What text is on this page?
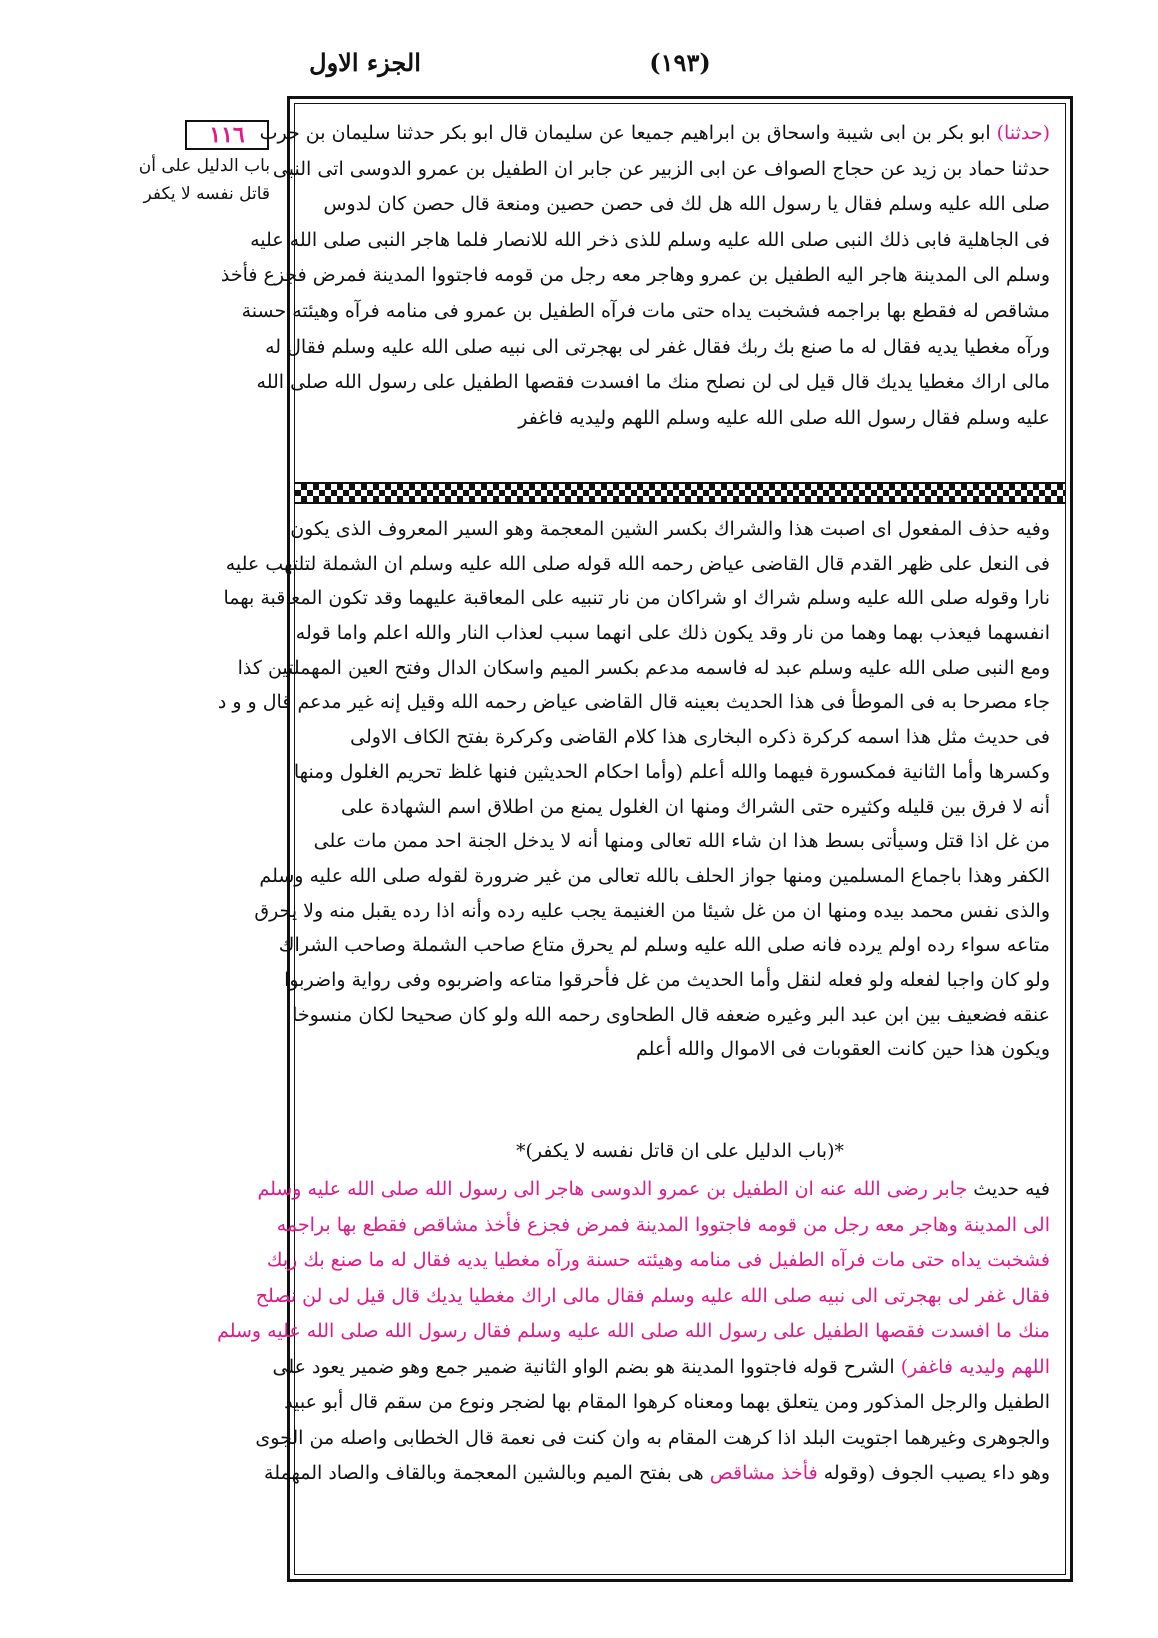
الجزء الاول	(١٩٣)
١١٦
باب الدليل على أن قاتل نفسه لا يكفر
(حدثنا) ابو بكر بن ابى شيبة واسحاق بن ابراهيم جميعا عن سليمان قال ابو بكر حدثنا سليمان بن حرب
حدثنا حماد بن زيد عن حجاج الصواف عن ابى الزبير عن جابر ان الطفيل بن عمرو الدوسى اتى النبى
صلى الله عليه وسلم فقال يا رسول الله هل لك فى حصن حصين ومنعة قال حصن كان لدوس
فى الجاهلية فابى ذلك النبى صلى الله عليه وسلم للذى ذخر الله للانصار فلما هاجر النبى صلى الله عليه
وسلم الى المدينة هاجر اليه الطفيل بن عمرو وهاجر معه رجل من قومه فاجتووا المدينة فمرض فجزع فأخذ
مشاقص له فقطع بها براجمه فشخبت يداه حتى مات فرآه الطفيل بن عمرو فى منامه فرآه وهيئته حسنة
ورآه مغطيا يديه فقال له ما صنع بك ربك فقال غفر لى بهجرتى الى نبيه صلى الله عليه وسلم فقال له
مالى اراك مغطيا يديك قال قيل لى لن نصلح منك ما افسدت فقصها الطفيل على رسول الله صلى الله
عليه وسلم فقال رسول الله صلى الله عليه وسلم اللهم وليديه فاغفر
وفيه حذف المفعول اى اصبت هذا والشراك بكسر الشين المعجمة وهو السير المعروف الذى يكون
فى النعل على ظهر القدم قال القاضى عياض رحمه الله قوله صلى الله عليه وسلم ان الشملة لتلتهب عليه
نارا وقوله صلى الله عليه وسلم شراك او شراكان من نار تنبيه على المعاقبة عليهما وقد تكون المعاقبة بهما
انفسهما فيعذب بهما وهما من نار وقد يكون ذلك على انهما سبب لعذاب النار والله اعلم واما قوله
ومع النبى صلى الله عليه وسلم عبد له فاسمه مدعم بكسر الميم واسكان الدال وفتح العين المهملتين كذا
جاء مصرحا به فى الموطأ فى هذا الحديث بعينه قال القاضى عياض رحمه الله وقيل إنه غير مدعم قال و و د
فى حديث مثل هذا اسمه كركرة ذكره البخارى هذا كلام القاضى وكركرة بفتح الكاف الاولى
وكسرها وأما الثانية فمكسورة فيهما والله أعلم (وأما احكام الحديثين فنها غلظ تحريم الغلول ومنها
أنه لا فرق بين قليله وكثيره حتى الشراك ومنها ان الغلول يمنع من اطلاق اسم الشهادة على
من غل اذا قتل وسيأتى بسط هذا ان شاء الله تعالى ومنها أنه لا يدخل الجنة احد ممن مات على
الكفر وهذا باجماع المسلمين ومنها جواز الحلف بالله تعالى من غير ضرورة لقوله صلى الله عليه وسلم
والذى نفس محمد بيده ومنها ان من غل شيئا من الغنيمة يجب عليه رده وأنه اذا رده يقبل منه ولا يحرق
متاعه سواء رده اولم يرده فانه صلى الله عليه وسلم لم يحرق متاع صاحب الشملة وصاحب الشراك
ولو كان واجبا لفعله ولو فعله لنقل وأما الحديث من غل فأحرقوا متاعه واضربوه وفى رواية واضربوا
عنقه فضعيف بين ابن عبد البر وغيره ضعفه قال الطحاوى رحمه الله ولو كان صحيحا لكان منسوخا
ويكون هذا حين كانت العقوبات فى الاموال والله أعلم
*(باب الدليل على ان قاتل نفسه لا يكفر)*
فيه حديث جابر رضى الله عنه ان الطفيل بن عمرو الدوسى هاجر الى رسول الله صلى الله عليه وسلم
الى المدينة وهاجر معه رجل من قومه فاجتووا المدينة فمرض فجزع فأخذ مشاقص فقطع بها براجمه
فشخبت يداه حتى مات فرآه الطفيل فى منامه وهيئته حسنة ورآه مغطيا يديه فقال له ما صنع بك ربك
فقال غفر لى بهجرتى الى نبيه صلى الله عليه وسلم فقال مالى اراك مغطيا يديك قال قيل لى لن نصلح
منك ما افسدت فقصها الطفيل على رسول الله صلى الله عليه وسلم فقال رسول الله صلى الله عليه وسلم
اللهم وليديه فاغفر) الشرح قوله فاجتووا المدينة هو بضم الواو الثانية ضمير جمع وهو ضمير يعود على
الطفيل والرجل المذكور ومن يتعلق بهما ومعناه كرهوا المقام بها لضجر ونوع من سقم قال أبو عبيد
والجوهرى وغيرهما اجتويت البلد اذا كرهت المقام به وان كنت فى نعمة قال الخطابى واصله من الجوى
وهو داء يصيب الجوف (وقوله فأخذ مشاقص هى بفتح الميم وبالشين المعجمة وبالقاف والصاد المهملة
